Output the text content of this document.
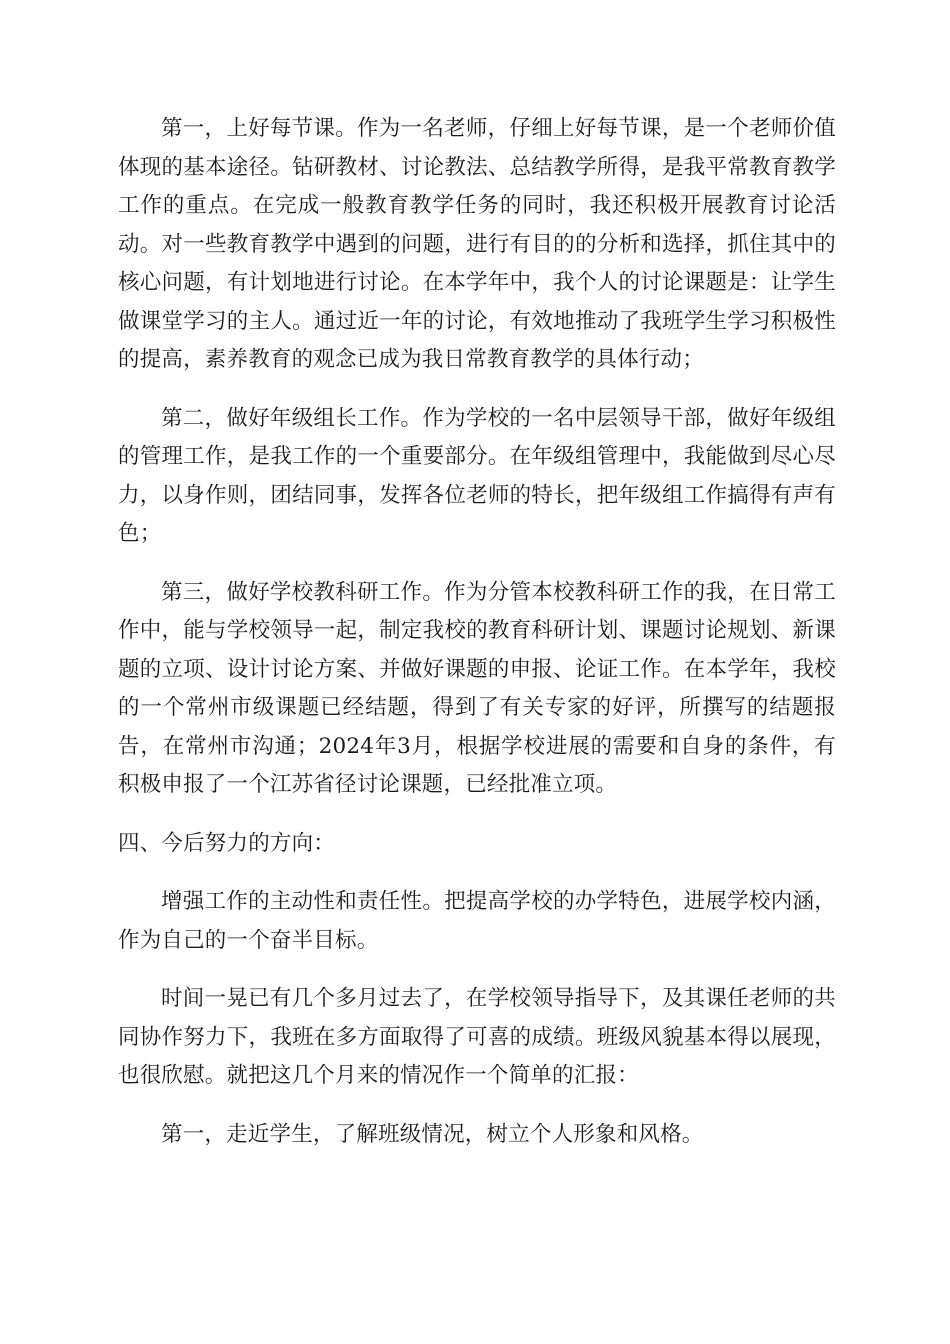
第一，上好每节课。作为一名老师，仔细上好每节课，是一个老师价值体现的基本途径。钻研教材、讨论教法、总结教学所得，是我平常教育教学工作的重点。在完成一般教育教学任务的同时，我还积极开展教育讨论活动。对一些教育教学中遇到的问题，进行有目的的分析和选择，抓住其中的核心问题，有计划地进行讨论。在本学年中，我个人的讨论课题是：让学生做课堂学习的主人。通过近一年的讨论，有效地推动了我班学生学习积极性的提高，素养教育的观念已成为我日常教育教学的具体行动；

第二，做好年级组长工作。作为学校的一名中层领导干部，做好年级组的管理工作，是我工作的一个重要部分。在年级组管理中，我能做到尽心尽力，以身作则，团结同事，发挥各位老师的特长，把年级组工作搞得有声有色；

第三，做好学校教科研工作。作为分管本校教科研工作的我，在日常工作中，能与学校领导一起，制定我校的教育科研计划、课题讨论规划、新课题的立项、设计讨论方案、并做好课题的申报、论证工作。在本学年，我校的一个常州市级课题已经结题，得到了有关专家的好评，所撰写的结题报告，在常州市沟通；2024年3月，根据学校进展的需要和自身的条件，有积极申报了一个江苏省径讨论课题，已经批准立项。

四、今后努力的方向：

增强工作的主动性和责任性。把提高学校的办学特色，进展学校内涵，作为自己的一个奋半目标。

时间一晃已有几个多月过去了，在学校领导指导下，及其课任老师的共同协作努力下，我班在多方面取得了可喜的成绩。班级风貌基本得以展现，也很欣慰。就把这几个月来的情况作一个简单的汇报：

第一，走近学生，了解班级情况，树立个人形象和风格。
